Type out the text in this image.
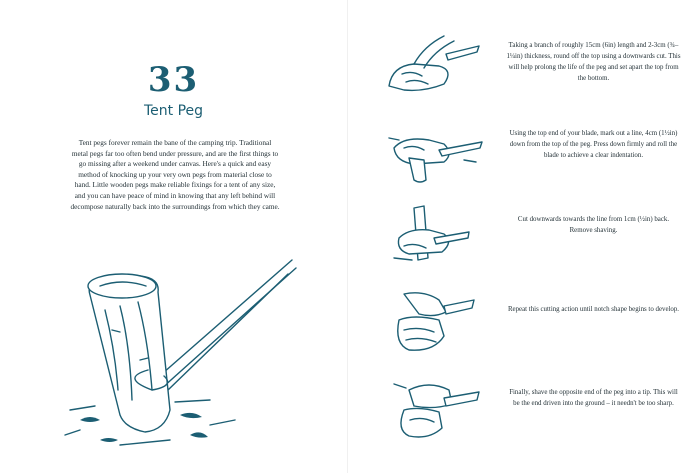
33
Tent Peg
Tent pegs forever remain the bane of the camping trip. Traditional metal pegs far too often bend under pressure, and are the first things to go missing after a weekend under canvas. Here's a quick and easy method of knocking up your very own pegs from material close to hand. Little wooden pegs make reliable fixings for a tent of any size, and you can have peace of mind in knowing that any left behind will decompose naturally back into the surroundings from which they came.
Taking a branch of roughly 15cm (6in) length and 2-3cm (¾–1¼in) thickness, round off the top using a downwards cut. This will help prolong the life of the peg and set apart the top from the bottom.
Using the top end of your blade, mark out a line, 4cm (1½in) down from the top of the peg. Press down firmly and roll the blade to achieve a clear indentation.
Cut downwards towards the line from 1cm (½in) back. Remove shaving.
Repeat this cutting action until notch shape begins to develop.
Finally, shave the opposite end of the peg into a tip. This will be the end driven into the ground – it needn't be too sharp.
